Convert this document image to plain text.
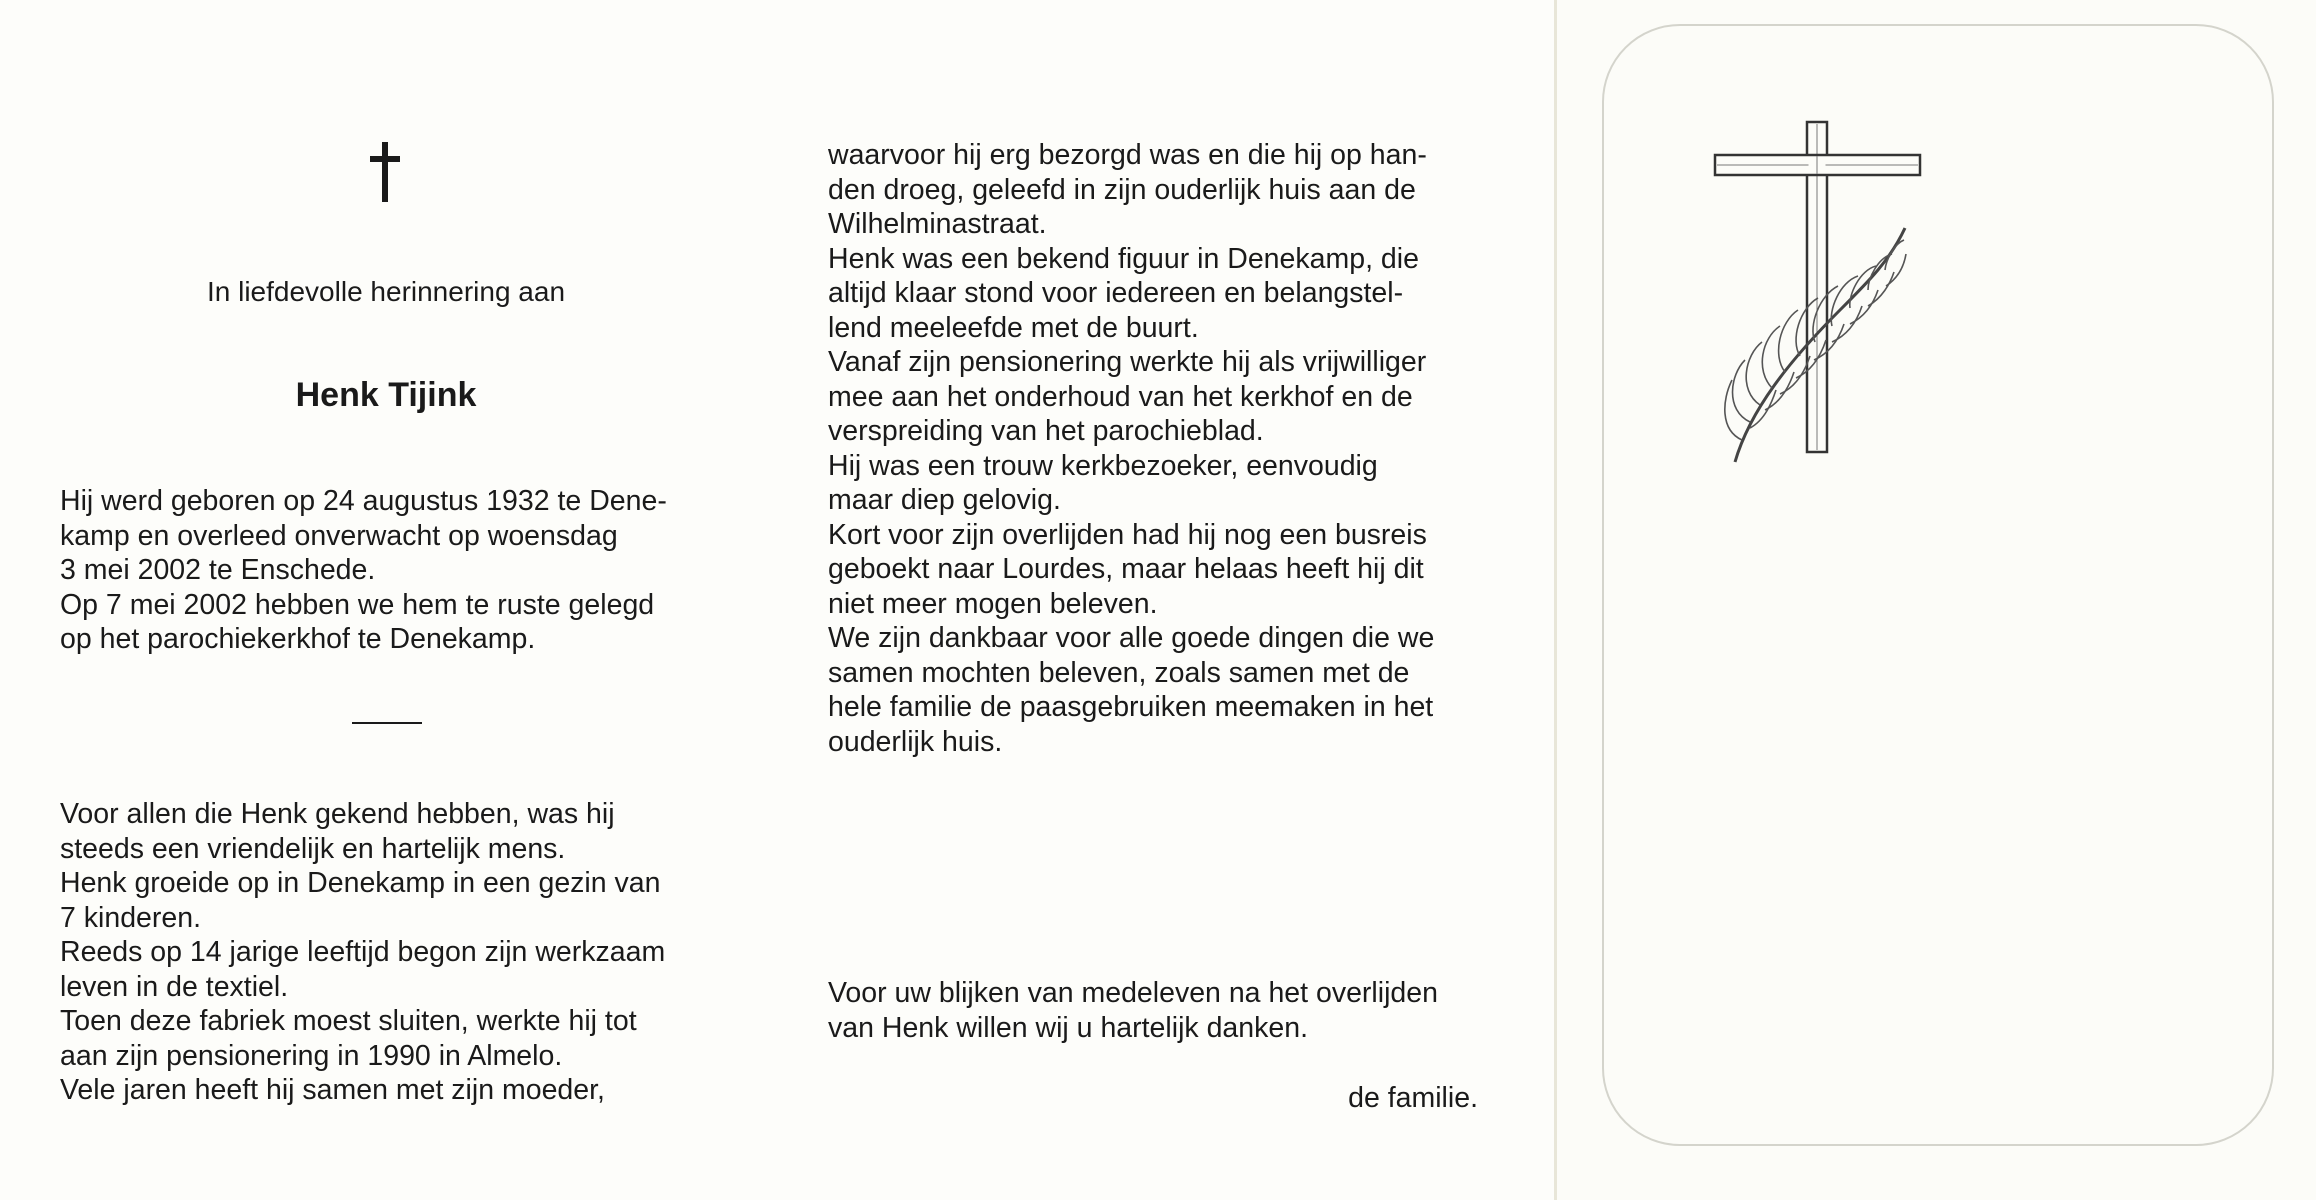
In liefdevolle herinnering aan
Henk Tijink
Hij werd geboren op 24 augustus 1932 te Dene-
kamp en overleed onverwacht op woensdag
3 mei 2002 te Enschede.
Op 7 mei 2002 hebben we hem te ruste gelegd
op het parochiekerkhof te Denekamp.
Voor allen die Henk gekend hebben, was hij
steeds een vriendelijk en hartelijk mens.
Henk groeide op in Denekamp in een gezin van
7 kinderen.
Reeds op 14 jarige leeftijd begon zijn werkzaam
leven in de textiel.
Toen deze fabriek moest sluiten, werkte hij tot
aan zijn pensionering in 1990 in Almelo.
Vele jaren heeft hij samen met zijn moeder,
waarvoor hij erg bezorgd was en die hij op han-
den droeg, geleefd in zijn ouderlijk huis aan de
Wilhelminastraat.
Henk was een bekend figuur in Denekamp, die
altijd klaar stond voor iedereen en belangstel-
lend meeleefde met de buurt.
Vanaf zijn pensionering werkte hij als vrijwilliger
mee aan het onderhoud van het kerkhof en de
verspreiding van het parochieblad.
Hij was een trouw kerkbezoeker, eenvoudig
maar diep gelovig.
Kort voor zijn overlijden had hij nog een busreis
geboekt naar Lourdes, maar helaas heeft hij dit
niet meer mogen beleven.
We zijn dankbaar voor alle goede dingen die we
samen mochten beleven, zoals samen met de
hele familie de paasgebruiken meemaken in het
ouderlijk huis.
Voor uw blijken van medeleven na het overlijden
van Henk willen wij u hartelijk danken.
de familie.
